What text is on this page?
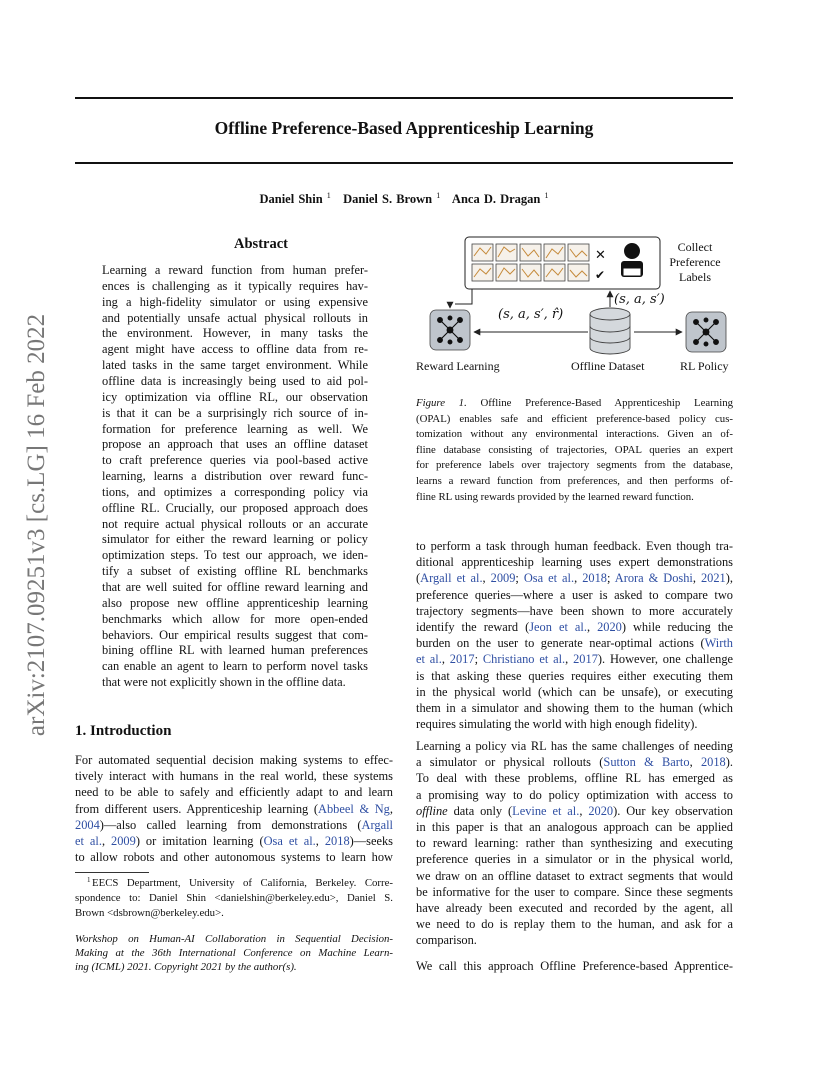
Offline Preference-Based Apprenticeship Learning
Daniel Shin $^1$ Daniel S. Brown $^1$ Anca D. Dragan $^1$
arXiv:2107.09251v3 [cs.LG] 16 Feb 2022
Abstract
Learning a reward function from human prefer-
ences is challenging as it typically requires hav-
ing a high-fidelity simulator or using expensive
and potentially unsafe actual physical rollouts in
the environment. However, in many tasks the
agent might have access to offline data from re-
lated tasks in the same target environment. While
offline data is increasingly being used to aid pol-
icy optimization via offline RL, our observation
is that it can be a surprisingly rich source of in-
formation for preference learning as well. We
propose an approach that uses an offline dataset
to craft preference queries via pool-based active
learning, learns a distribution over reward func-
tions, and optimizes a corresponding policy via
offline RL. Crucially, our proposed approach does
not require actual physical rollouts or an accurate
simulator for either the reward learning or policy
optimization steps. To test our approach, we iden-
tify a subset of existing offline RL benchmarks
that are well suited for offline reward learning and
also propose new offline apprenticeship learning
benchmarks which allow for more open-ended
behaviors. Our empirical results suggest that com-
bining offline RL with learned human preferences
can enable an agent to learn to perform novel tasks
that were not explicitly shown in the offline data.
1. Introduction
For automated sequential decision making systems to effec-
tively interact with humans in the real world, these systems
need to be able to safely and efficiently adapt to and learn
from different users. Apprenticeship learning (Abbeel & Ng,
2004)—also called learning from demonstrations (Argall
et al., 2009) or imitation learning (Osa et al., 2018)—seeks
to allow robots and other autonomous systems to learn how
1 EECS Department, University of California, Berkeley. Corre-
spondence to: Daniel Shin <danielshin@berkeley.edu>, Daniel S.
Brown <dsbrown@berkeley.edu>.
Workshop on Human-AI Collaboration in Sequential Decision-
Making at the 36th International Conference on Machine Learn-
ing (ICML) 2021. Copyright 2021 by the author(s).
✕
✔
Collect
Preference
Labels
(s, a, s′, r̂)
(s, a, s′)
Reward Learning	Offline Dataset	RL Policy
Figure 1. Offline Preference-Based Apprenticeship Learning
(OPAL) enables safe and efficient preference-based policy cus-
tomization without any environmental interactions. Given an of-
fline database consisting of trajectories, OPAL queries an expert
for preference labels over trajectory segments from the database,
learns a reward function from preferences, and then performs of-
fline RL using rewards provided by the learned reward function.
to perform a task through human feedback. Even though tra-
ditional apprenticeship learning uses expert demonstrations
(Argall et al., 2009; Osa et al., 2018; Arora & Doshi, 2021),
preference queries—where a user is asked to compare two
trajectory segments—have been shown to more accurately
identify the reward (Jeon et al., 2020) while reducing the
burden on the user to generate near-optimal actions (Wirth
et al., 2017; Christiano et al., 2017). However, one challenge
is that asking these queries requires either executing them
in the physical world (which can be unsafe), or executing
them in a simulator and showing them to the human (which
requires simulating the world with high enough fidelity).
Learning a policy via RL has the same challenges of needing
a simulator or physical rollouts (Sutton & Barto, 2018).
To deal with these problems, offline RL has emerged as
a promising way to do policy optimization with access to
offline data only (Levine et al., 2020). Our key observation
in this paper is that an analogous approach can be applied
to reward learning: rather than synthesizing and executing
preference queries in a simulator or in the physical world,
we draw on an offline dataset to extract segments that would
be informative for the user to compare. Since these segments
have already been executed and recorded by the agent, all
we need to do is replay them to the human, and ask for a
comparison.
We call this approach Offline Preference-based Apprentice-
